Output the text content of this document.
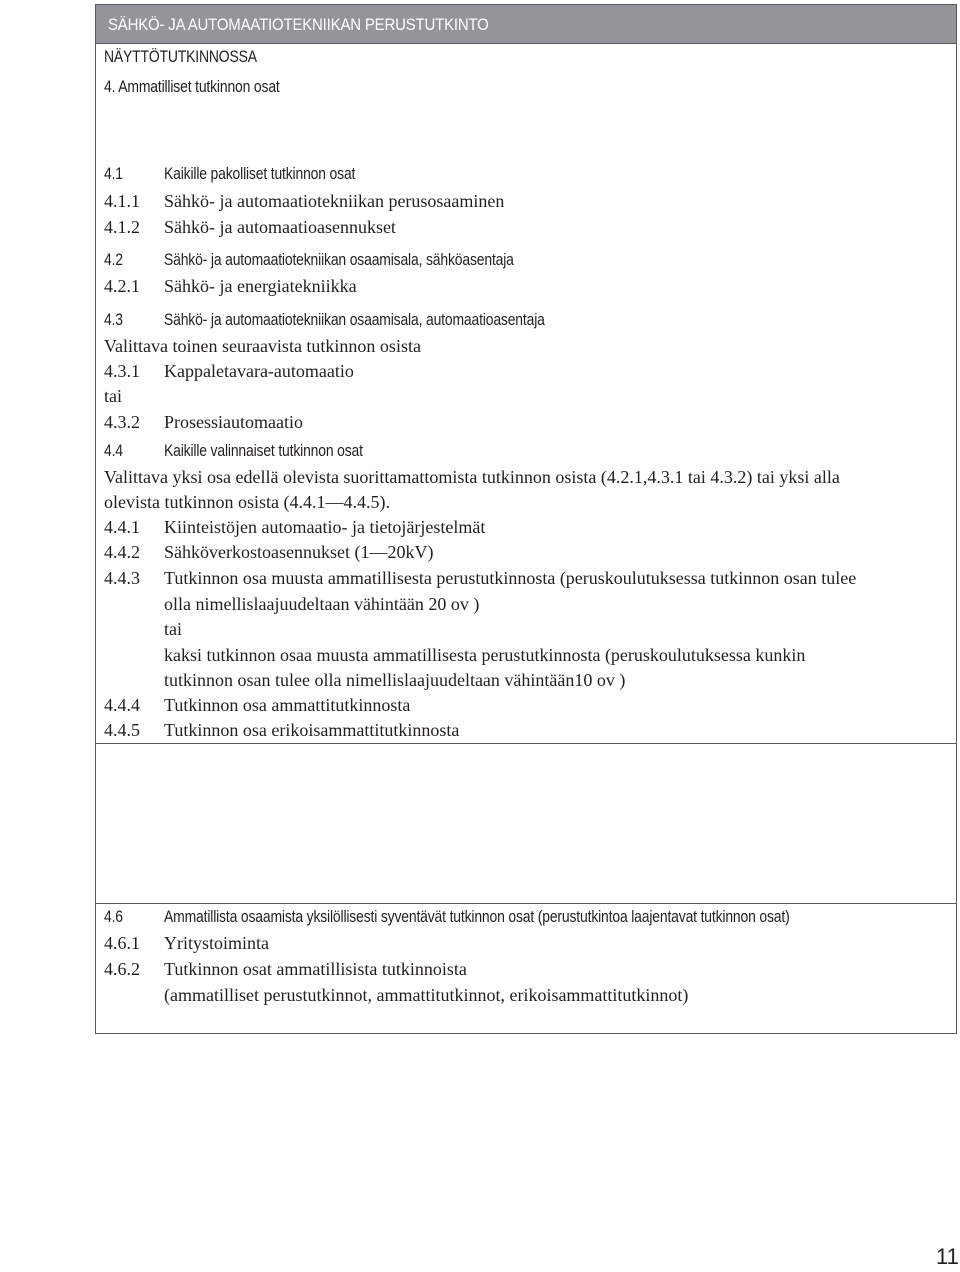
SÄHKÖ- JA AUTOMAATIOTEKNIIKAN PERUSTUTKINTO
NÄYTTÖTUTKINNOSSA
4. Ammatilliset tutkinnon osat
4.1 Kaikille pakolliset tutkinnon osat
4.1.1 Sähkö- ja automaatiotekniikan perusosaaminen
4.1.2 Sähkö- ja automaatioasennukset
4.2 Sähkö- ja automaatiotekniikan osaamisala, sähköasentaja
4.2.1 Sähkö- ja energiatekniikka
4.3 Sähkö- ja automaatiotekniikan osaamisala, automaatioasentaja
Valittava toinen seuraavista tutkinnon osista
4.3.1 Kappaletavara-automaatio
tai
4.3.2 Prosessiautomaatio
4.4 Kaikille valinnaiset tutkinnon osat
Valittava yksi osa edellä olevista suorittamattomista tutkinnon osista (4.2.1,4.3.1 tai 4.3.2) tai yksi alla
olevista tutkinnon osista (4.4.1—4.4.5).
4.4.1 Kiinteistöjen automaatio- ja tietojärjestelmät
4.4.2 Sähköverkostoasennukset (1—20kV)
4.4.3 Tutkinnon osa muusta ammatillisesta perustutkinnosta (peruskoulutuksessa tutkinnon osan tulee
olla nimellislaajuudeltaan vähintään 20 ov )
tai
kaksi tutkinnon osaa muusta ammatillisesta perustutkinnosta (peruskoulutuksessa kunkin
tutkinnon osan tulee olla nimellislaajuudeltaan vähintään10 ov )
4.4.4 Tutkinnon osa ammattitutkinnosta
4.4.5 Tutkinnon osa erikoisammattitutkinnosta
4.6 Ammatillista osaamista yksilöllisesti syventävät tutkinnon osat (perustutkintoa laajentavat tutkinnon osat)
4.6.1 Yritystoiminta
4.6.2 Tutkinnon osat ammatillisista tutkinnoista
(ammatilliset perustutkinnot, ammattitutkinnot, erikoisammattitutkinnot)
11
